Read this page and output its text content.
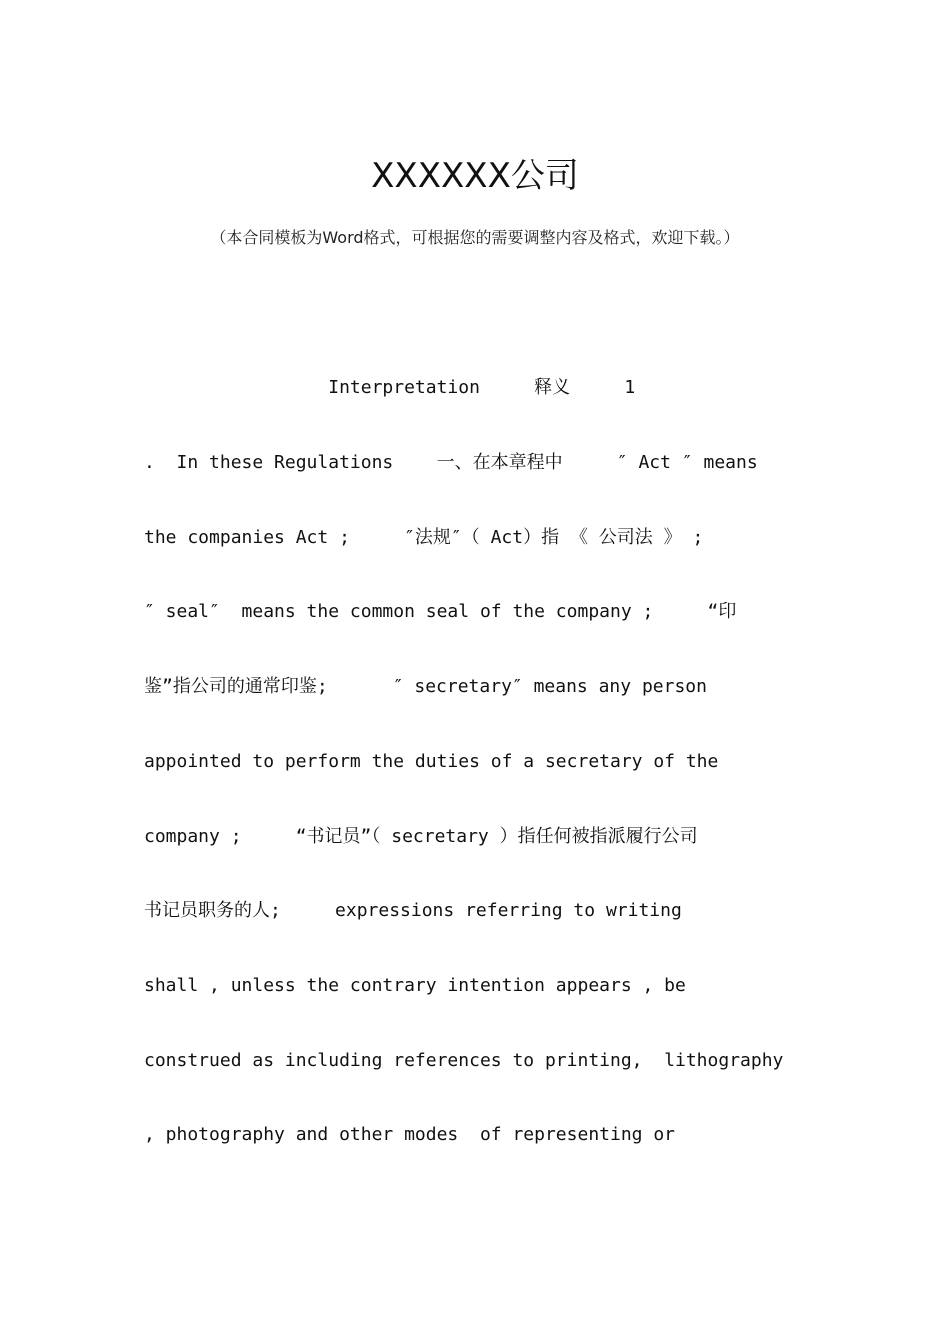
XXXXXX公司
（本合同模板为Word格式，可根据您的需要调整内容及格式，欢迎下载。）
Interpretation     释义     1
.  In these Regulations    一、在本章程中     ″ Act ″ means
the companies Act ;     ″法规″（ Act）指 《 公司法 》 ;
″ seal″  means the common seal of the company ;     “印
鉴”指公司的通常印鉴;      ″ secretary″ means any person
appointed to perform the duties of a secretary of the
company ;     “书记员”（ secretary ）指任何被指派履行公司
书记员职务的人;     expressions referring to writing
shall , unless the contrary intention appears , be
construed as including references to printing,  lithography
, photography and other modes  of representing or
